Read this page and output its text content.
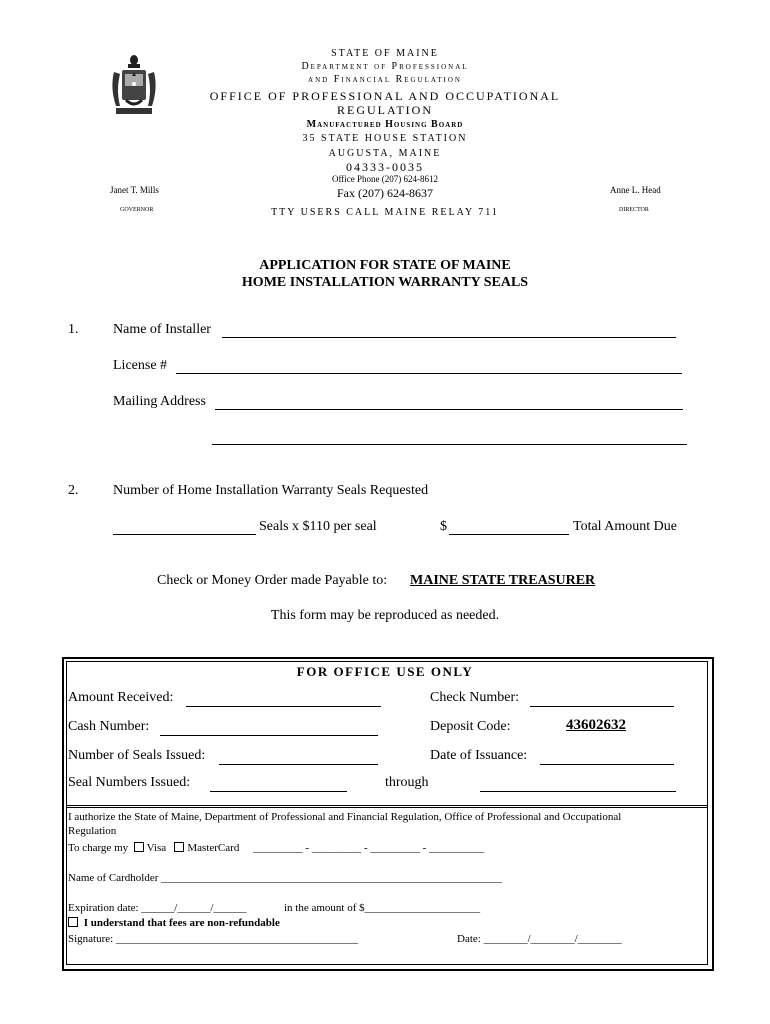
STATE OF MAINE
Department of Professional
and Financial Regulation
OFFICE OF PROFESSIONAL AND OCCUPATIONAL
REGULATION
Manufactured Housing Board
35 STATE HOUSE STATION
AUGUSTA, MAINE
04333-0035
Office Phone (207) 624-8612
Fax (207) 624-8637
TTY USERS CALL MAINE RELAY 711
Janet T. Mills
GOVERNOR
Anne L. Head
DIRECTOR
APPLICATION FOR STATE OF MAINE
HOME INSTALLATION WARRANTY SEALS
1. Name of Installer
License #
Mailing Address
2. Number of Home Installation Warranty Seals Requested
Seals x $110 per seal	$	Total Amount Due
Check or Money Order made Payable to: MAINE STATE TREASURER
This form may be reproduced as needed.
FOR OFFICE USE ONLY
Amount Received:	Check Number:
Cash Number:	Deposit Code:	43602632
Number of Seals Issued:	Date of Issuance:
Seal Numbers Issued:	through
I authorize the State of Maine, Department of Professional and Financial Regulation, Office of Professional and Occupational
Regulation
To charge my Visa MasterCard _________ - _________ - _________ - __________
Name of Cardholder ______________________________________________________________
Expiration date: ______/______/______	in the amount of $_____________________
I understand that fees are non-refundable
Signature: ____________________________________________	Date: ________/________/________
